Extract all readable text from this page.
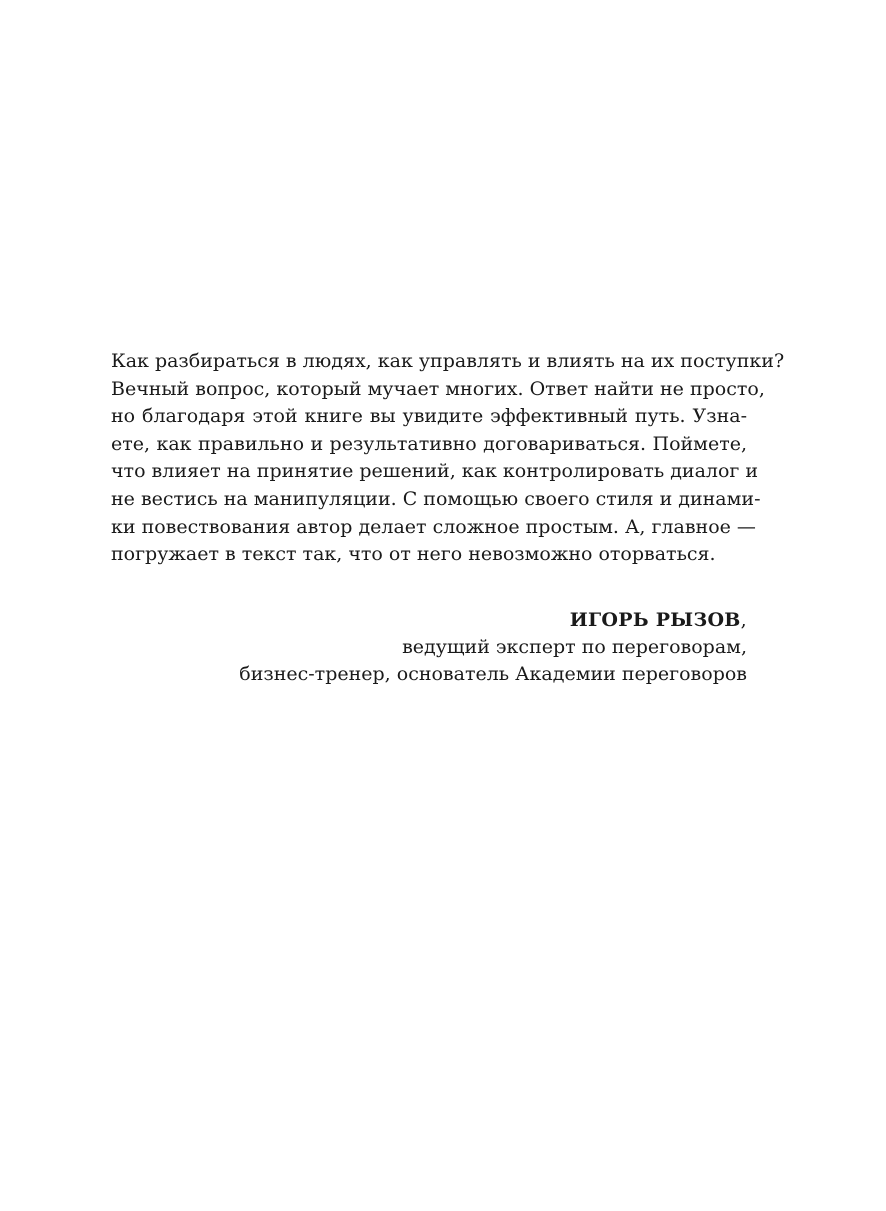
Как разбираться в людях, как управлять и влиять на их поступки?
Вечный вопрос, который мучает многих. Ответ найти не просто,
но благодаря этой книге вы увидите эффективный путь. Узна-
ете, как правильно и результативно договариваться. Поймете,
что влияет на принятие решений, как контролировать диалог и
не вестись на манипуляции. С помощью своего стиля и динами-
ки повествования автор делает сложное простым. А, главное —
погружает в текст так, что от него невозможно оторваться.
ИГОРЬ РЫЗОВ,
ведущий эксперт по переговорам,
бизнес-тренер, основатель Академии переговоров
